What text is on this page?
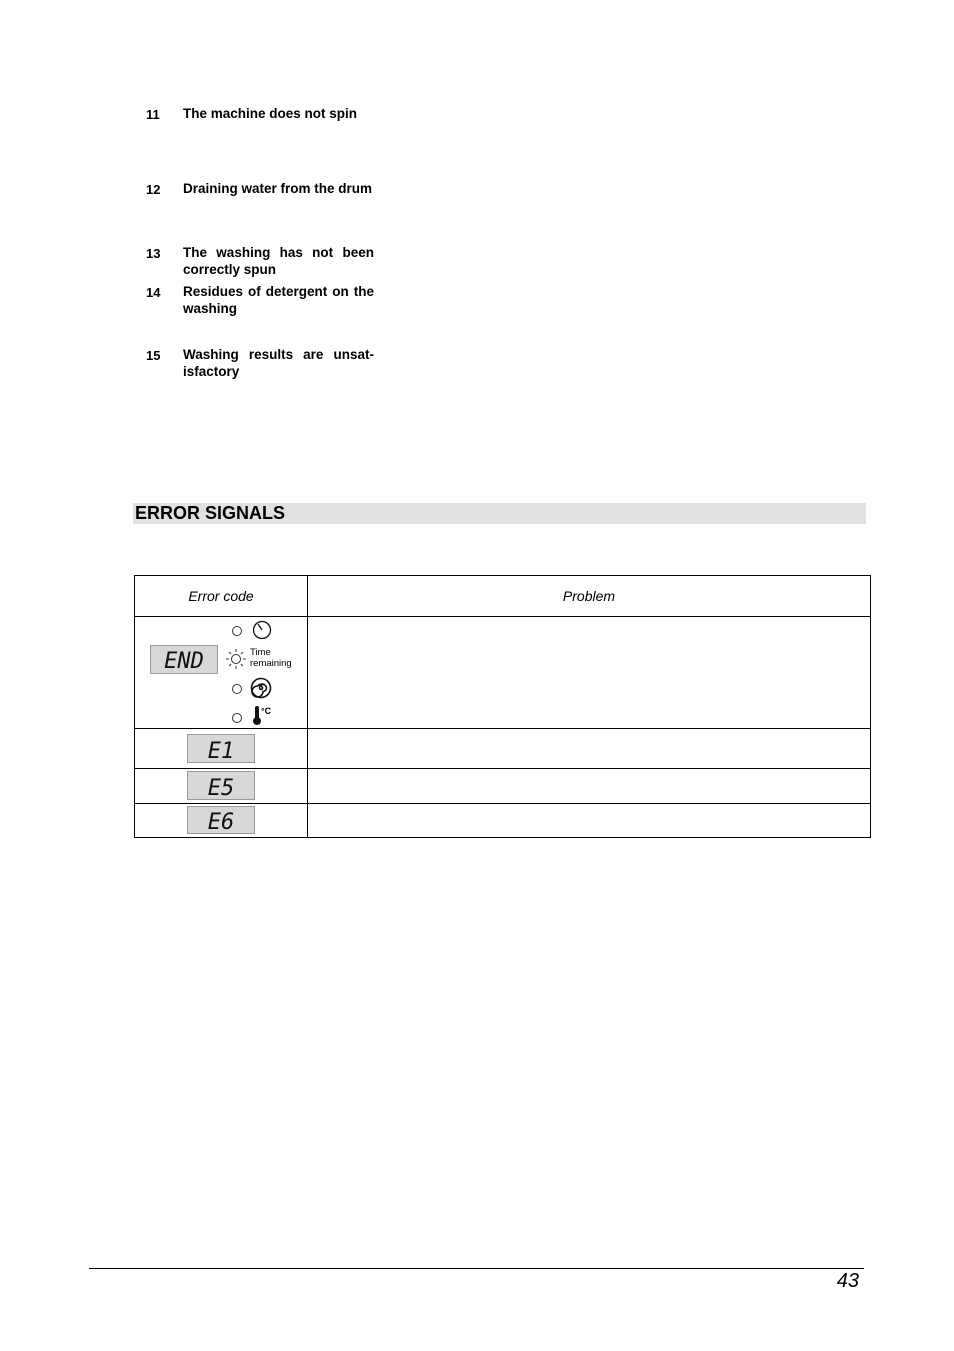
11	The machine does not spin
12	Draining water from the drum
13	The washing has not been correctly spun
14	Residues of detergent on the washing
15	Washing results are unsat-isfactory
ERROR SIGNALS
Error code	Problem

END Time
remaining
°C	

E1	

E5	

E6	

43
